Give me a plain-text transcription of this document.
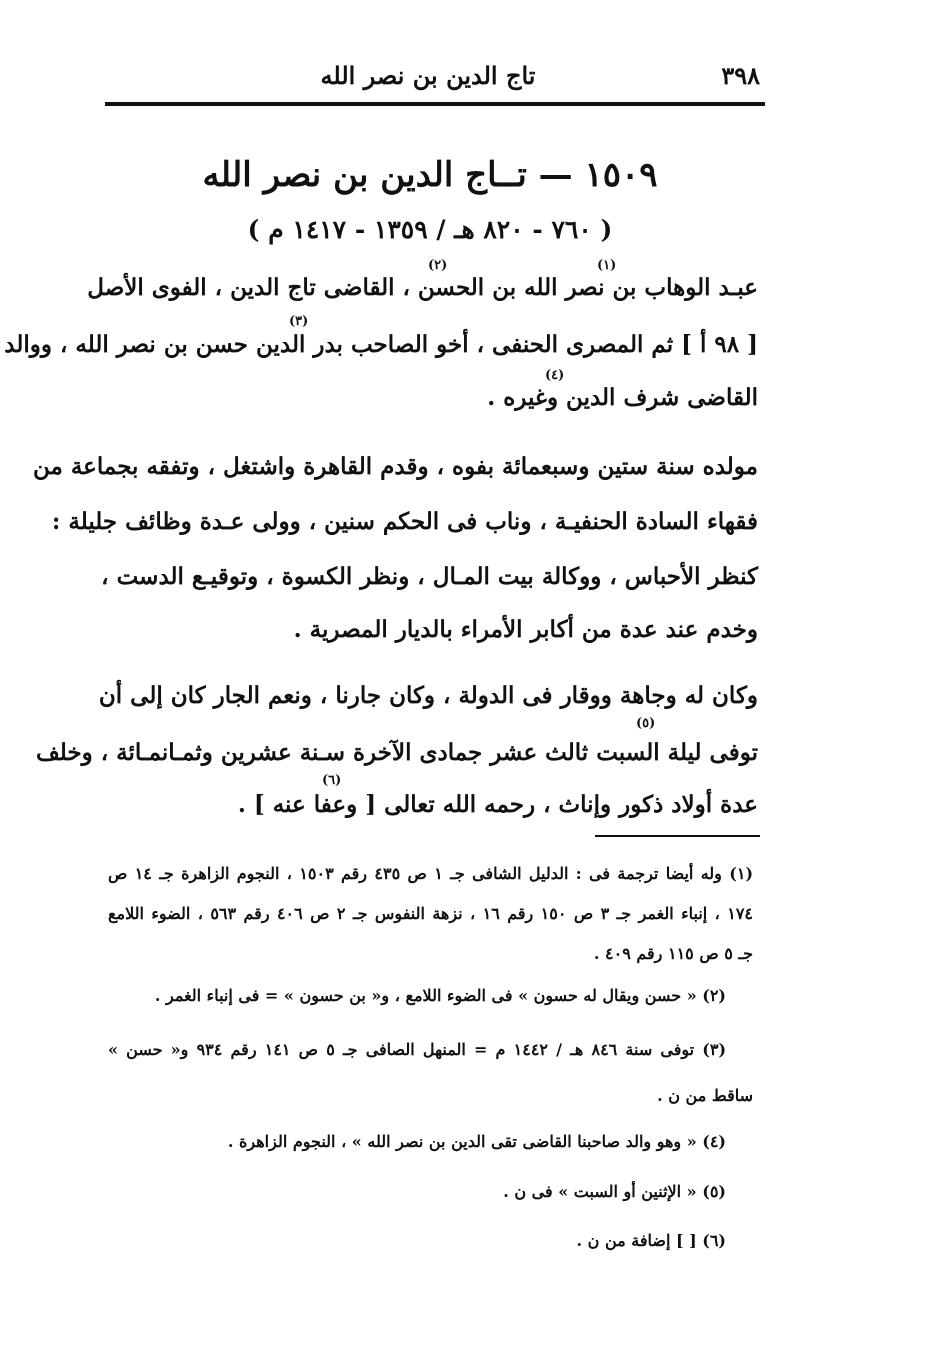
٣٩٨
تاج الدين بن نصر الله
١٥٠٩ — تــاج الدين بن نصر الله
( ٧٦٠ - ٨٢٠ هـ / ١٣٥٩ - ١٤١٧ م )
عبـد الوهاب بن نصر الله بن الحسن ، القاضى تاج الدين ، الفوى الأصل
[ ٩٨ أ ] ثم المصرى الحنفى ، أخو الصاحب بدر الدين حسن بن نصر الله ، ووالد
القاضى شرف الدين وغيره .
مولده سنة ستين وسبعمائة بفوه ، وقدم القاهرة واشتغل ، وتفقه بجماعة من
فقهاء السادة الحنفيـة ، وناب فى الحكم سنين ، وولى عـدة وظائف جليلة :
كنظر الأحباس ، ووكالة بيت المـال ، ونظر الكسوة ، وتوقيـع الدست ،
وخدم عند عدة من أكابر الأمراء بالديار المصرية .
وكان له وجاهة ووقار فى الدولة ، وكان جارنا ، ونعم الجار كان إلى أن
توفى ليلة السبت ثالث عشر جمادى الآخرة سـنة عشرين وثمـانمـائة ، وخلف
عدة أولاد ذكور وإناث ، رحمه الله تعالى [ وعفا عنه ] .
(١)
(٢)
(٣)
(٤)
(٥)
(٦)
(١) وله أيضا ترجمة فى : الدليل الشافى جـ ١ ص ٤٣٥ رقم ١٥٠٣ ، النجوم الزاهرة جـ ١٤ ص
١٧٤ ، إنباء الغمر جـ ٣ ص ١٥٠ رقم ١٦ ، نزهة النفوس جـ ٢ ص ٤٠٦ رقم ٥٦٣ ، الضوء اللامع
جـ ٥ ص ١١٥ رقم ٤٠٩ .
(٢) « حسن ويقال له حسون » فى الضوء اللامع ، و« بن حسون » = فى إنباء الغمر .
(٣) توفى سنة ٨٤٦ هـ / ١٤٤٢ م = المنهل الصافى جـ ٥ ص ١٤١ رقم ٩٣٤ و« حسن »
ساقط من ن .
(٤) « وهو والد صاحبنا القاضى تقى الدين بن نصر الله » ، النجوم الزاهرة .
(٥) « الإثنين أو السبت » فى ن .
(٦) [ ] إضافة من ن .
